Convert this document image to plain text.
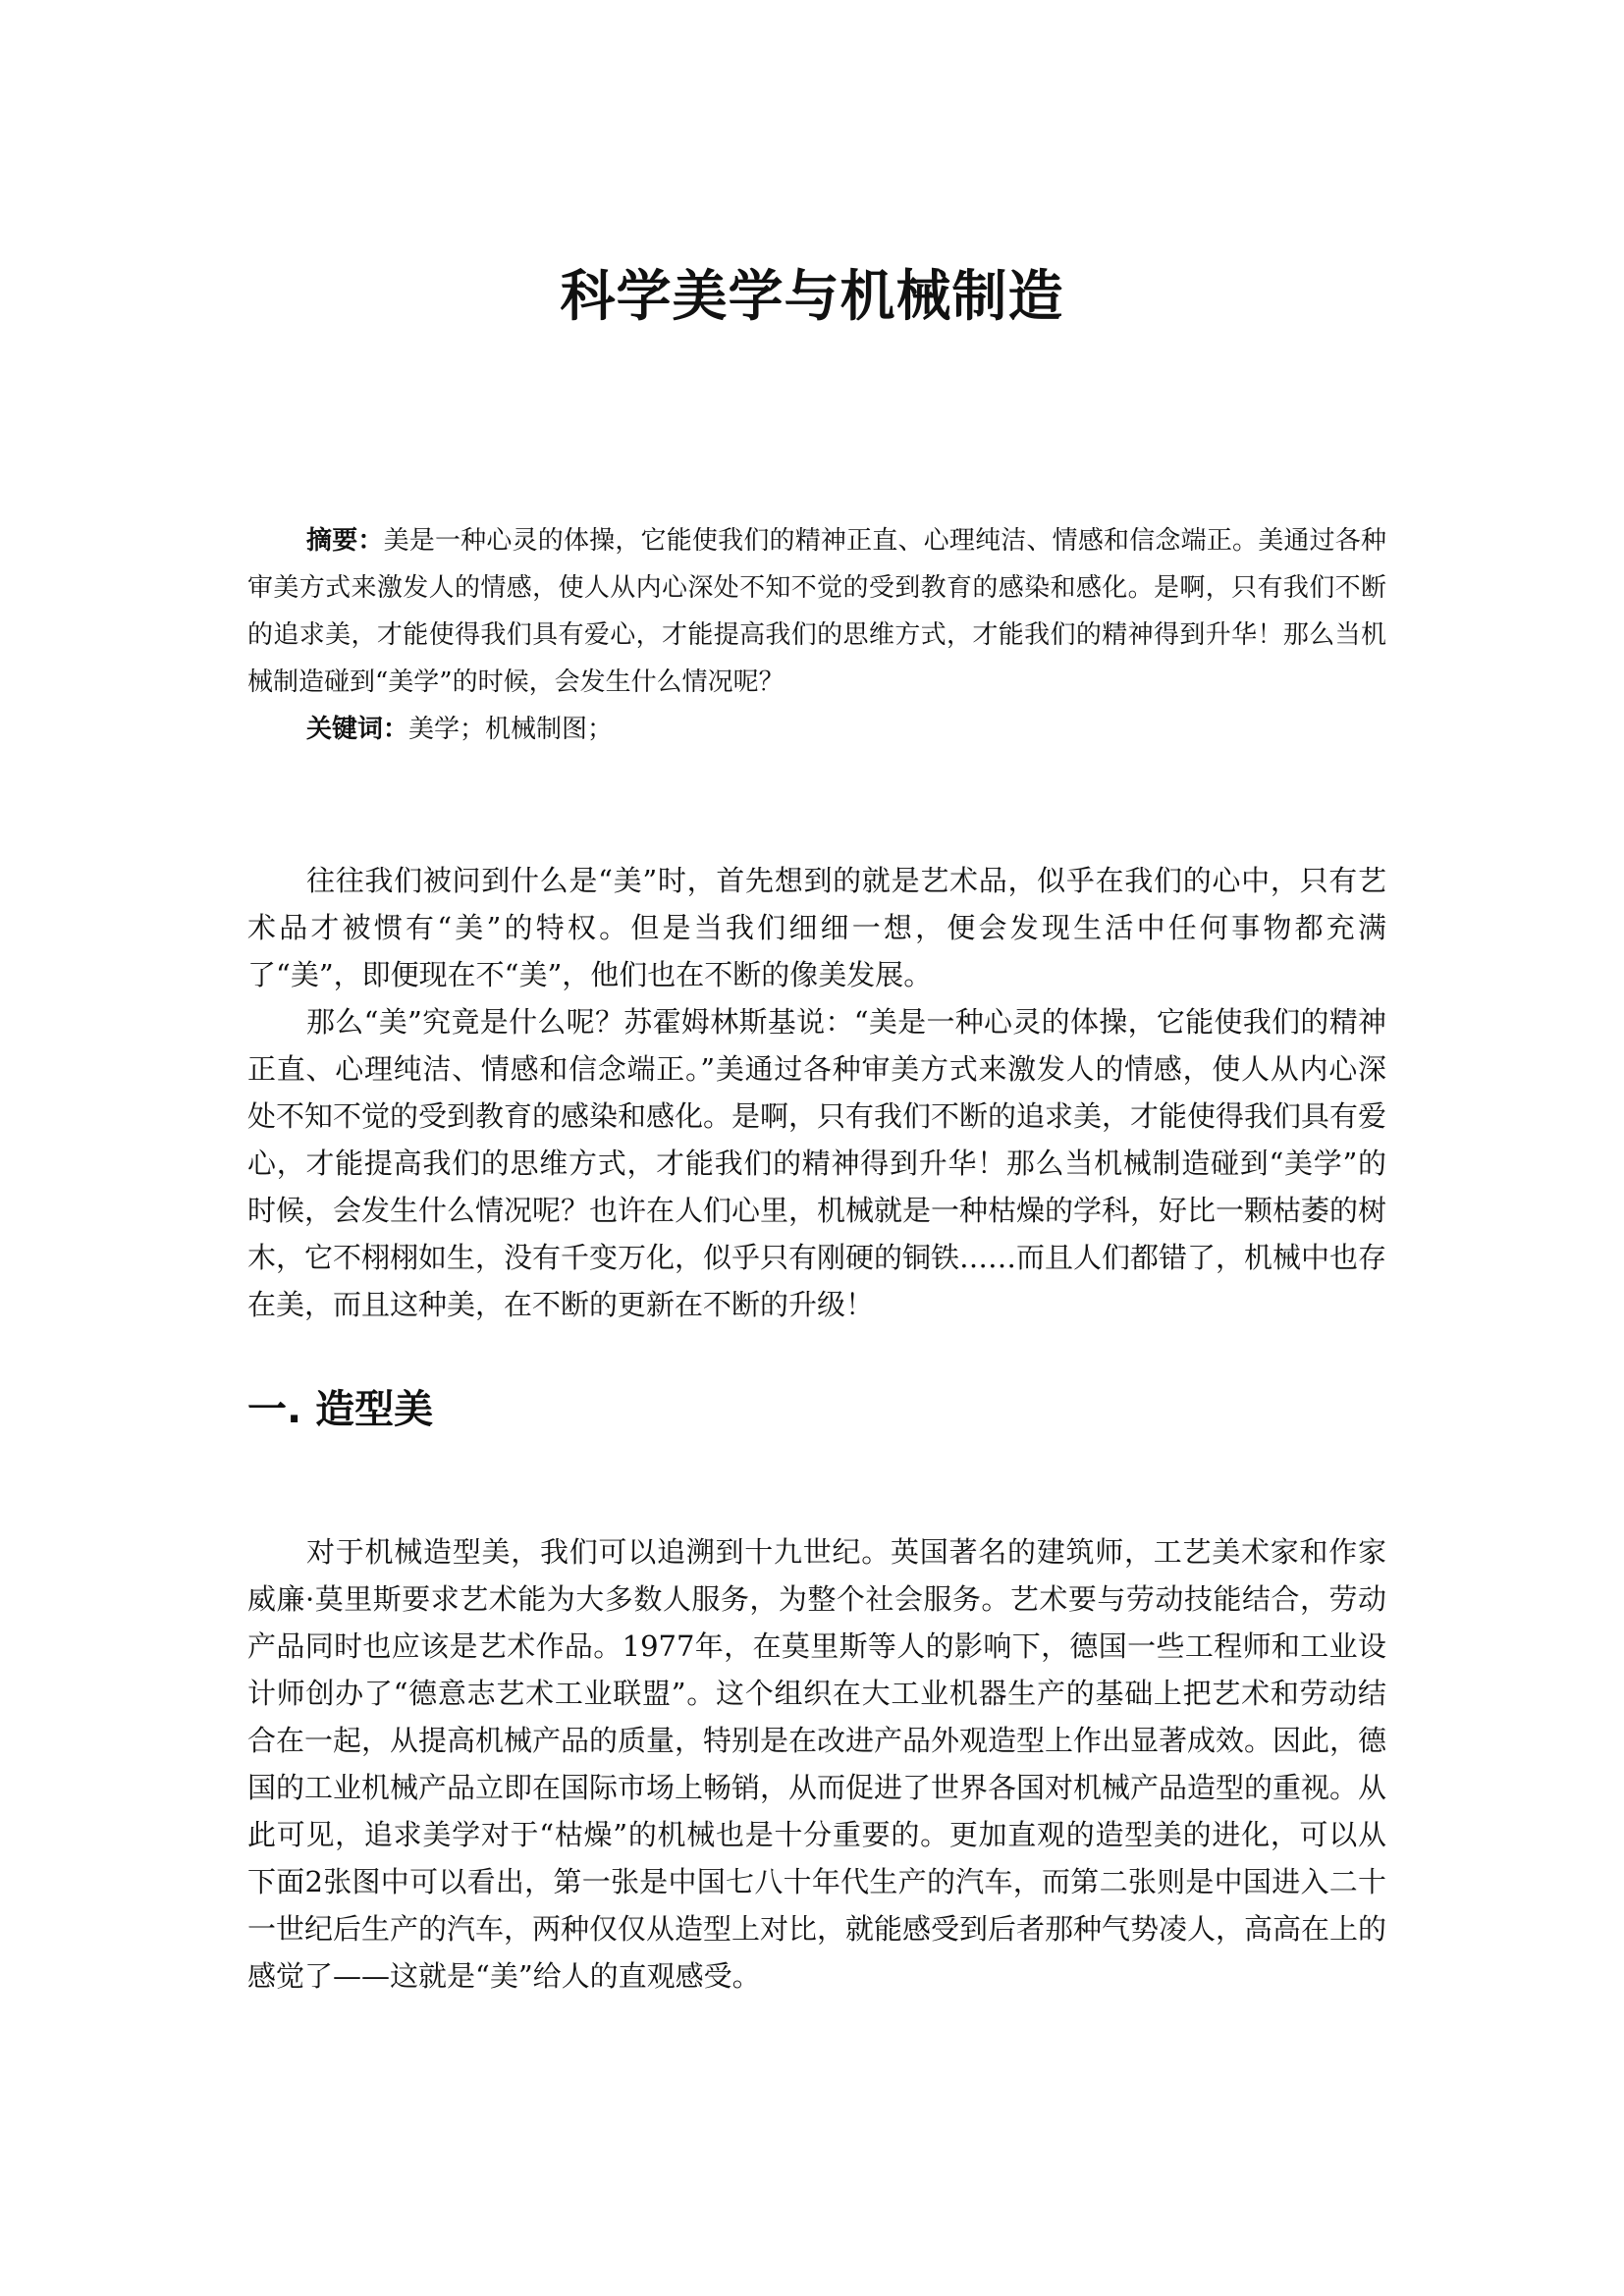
科学美学与机械制造

摘要：美是一种心灵的体操，它能使我们的精神正直、心理纯洁、情感和信念端正。美通过各种审美方式来激发人的情感，使人从内心深处不知不觉的受到教育的感染和感化。是啊，只有我们不断的追求美，才能使得我们具有爱心，才能提高我们的思维方式，才能我们的精神得到升华！那么当机械制造碰到“美学”的时候，会发生什么情况呢？

关键词：美学；机械制图；

往往我们被问到什么是“美”时，首先想到的就是艺术品，似乎在我们的心中，只有艺术品才被惯有“美”的特权。但是当我们细细一想，便会发现生活中任何事物都充满了“美”，即便现在不“美”，他们也在不断的像美发展。

那么“美”究竟是什么呢？苏霍姆林斯基说：“美是一种心灵的体操，它能使我们的精神正直、心理纯洁、情感和信念端正。”美通过各种审美方式来激发人的情感，使人从内心深处不知不觉的受到教育的感染和感化。是啊，只有我们不断的追求美，才能使得我们具有爱心，才能提高我们的思维方式，才能我们的精神得到升华！那么当机械制造碰到“美学”的时候，会发生什么情况呢？也许在人们心里，机械就是一种枯燥的学科，好比一颗枯萎的树木，它不栩栩如生，没有千变万化，似乎只有刚硬的铜铁……而且人们都错了，机械中也存在美，而且这种美，在不断的更新在不断的升级！

一. 造型美

对于机械造型美，我们可以追溯到十九世纪。英国著名的建筑师，工艺美术家和作家威廉·莫里斯要求艺术能为大多数人服务，为整个社会服务。艺术要与劳动技能结合，劳动产品同时也应该是艺术作品。1977年，在莫里斯等人的影响下，德国一些工程师和工业设计师创办了“德意志艺术工业联盟”。这个组织在大工业机器生产的基础上把艺术和劳动结合在一起，从提高机械产品的质量，特别是在改进产品外观造型上作出显著成效。因此，德国的工业机械产品立即在国际市场上畅销，从而促进了世界各国对机械产品造型的重视。从此可见，追求美学对于“枯燥”的机械也是十分重要的。更加直观的造型美的进化，可以从下面2张图中可以看出，第一张是中国七八十年代生产的汽车，而第二张则是中国进入二十一世纪后生产的汽车，两种仅仅从造型上对比，就能感受到后者那种气势凌人，高高在上的感觉了——这就是“美”给人的直观感受。
